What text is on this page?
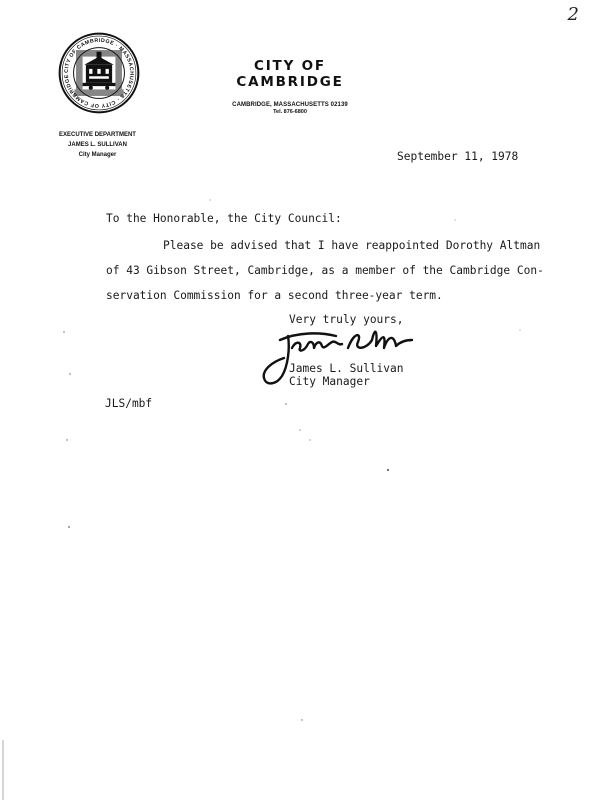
2
CITY OF CAMBRIDGE · MASSACHUSETTS · CITY OF CAMBRIDGE
CITY OF CAMBRIDGE
CAMBRIDGE, MASSACHUSETTS 02139
Tel. 876-6800
EXECUTIVE DEPARTMENT
JAMES L. SULLIVAN
City Manager	September 11, 1978
To the Honorable, the City Council:
Please be advised that I have reappointed Dorothy Altman
of 43 Gibson Street, Cambridge, as a member of the Cambridge Con-
servation Commission for a second three-year term.
Very truly yours,
James L. Sullivan
City Manager
JLS/mbf
